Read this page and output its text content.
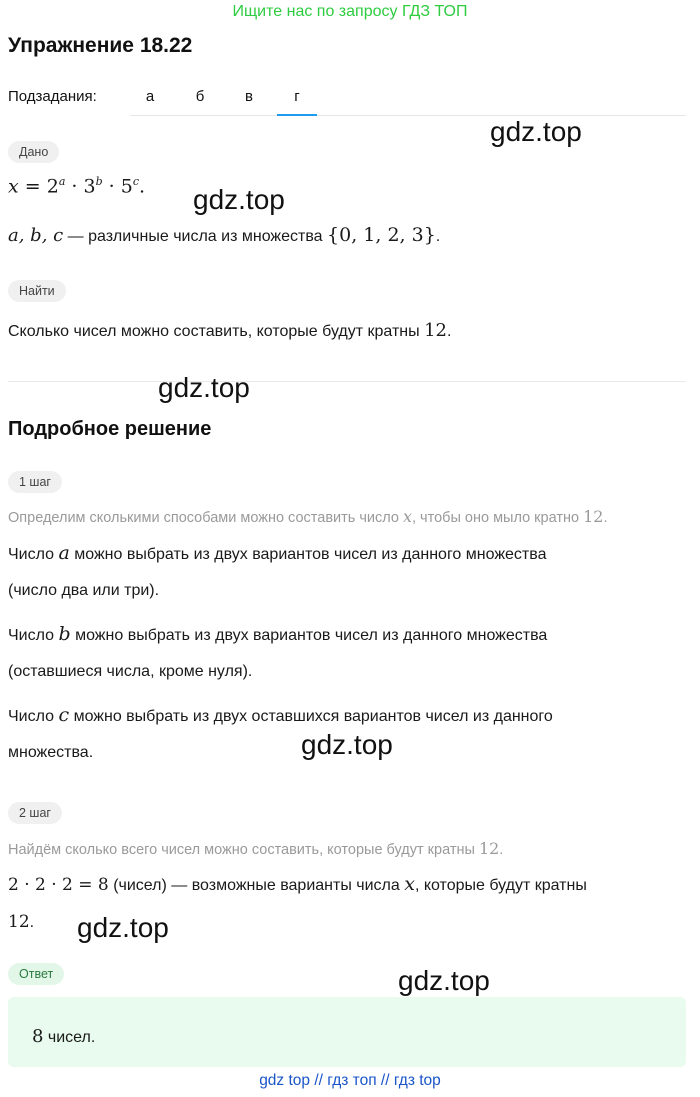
Ищите нас по запросу ГДЗ ТОП
Упражнение 18.22
Подзадания:	а	б	в	г
Дано
$x = 2^a \cdot 3^b \cdot 5^c$.
a, b, c — различные числа из множества {0, 1, 2, 3}.
Найти
Сколько чисел можно составить, которые будут кратны 12.
Подробное решение
1 шаг
Определим сколькими способами можно составить число x, чтобы оно мыло кратно 12.
Число a можно выбрать из двух вариантов чисел из данного множества
(число два или три).
Число b можно выбрать из двух вариантов чисел из данного множества
(оставшиеся числа, кроме нуля).
Число c можно выбрать из двух оставшихся вариантов чисел из данного
множества.
2 шаг
Найдём сколько всего чисел можно составить, которые будут кратны 12.
2 · 2 · 2 = 8 (чисел) — возможные варианты числа x, которые будут кратны
12.
Ответ
8 чисел.
gdz.top
gdz.top
gdz.top
gdz.top
gdz.top
gdz.top
gdz top // гдз топ // гдз top
